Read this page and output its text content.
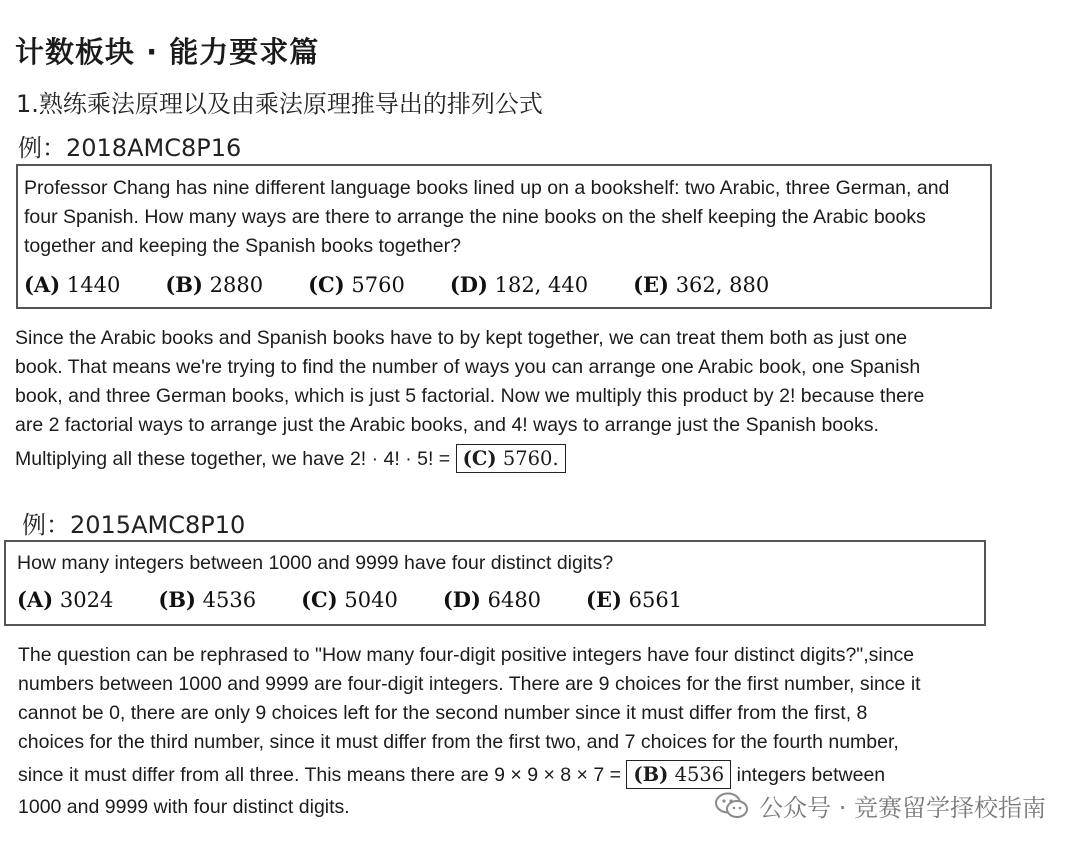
计数板块 · 能力要求篇
1.熟练乘法原理以及由乘法原理推导出的排列公式
例：2018AMC8P16
Professor Chang has nine different language books lined up on a bookshelf: two Arabic, three German, and four Spanish. How many ways are there to arrange the nine books on the shelf keeping the Arabic books together and keeping the Spanish books together?
(A) 1440 (B) 2880 (C) 5760 (D) 182, 440 (E) 362, 880
Since the Arabic books and Spanish books have to by kept together, we can treat them both as just one
book. That means we're trying to find the number of ways you can arrange one Arabic book, one Spanish
book, and three German books, which is just 5 factorial. Now we multiply this product by 2! because there
are 2 factorial ways to arrange just the Arabic books, and 4! ways to arrange just the Spanish books.
Multiplying all these together, we have 2! · 4! · 5! = (C) 5760.
例：2015AMC8P10
How many integers between 1000 and 9999 have four distinct digits?
(A) 3024 (B) 4536 (C) 5040 (D) 6480 (E) 6561
The question can be rephrased to "How many four-digit positive integers have four distinct digits?",since
numbers between 1000 and 9999 are four-digit integers. There are 9 choices for the first number, since it
cannot be 0, there are only 9 choices left for the second number since it must differ from the first, 8
choices for the third number, since it must differ from the first two, and 7 choices for the fourth number,
since it must differ from all three. This means there are 9 × 9 × 8 × 7 = (B) 4536 integers between
1000 and 9999 with four distinct digits.	公众号 · 竞赛留学择校指南
